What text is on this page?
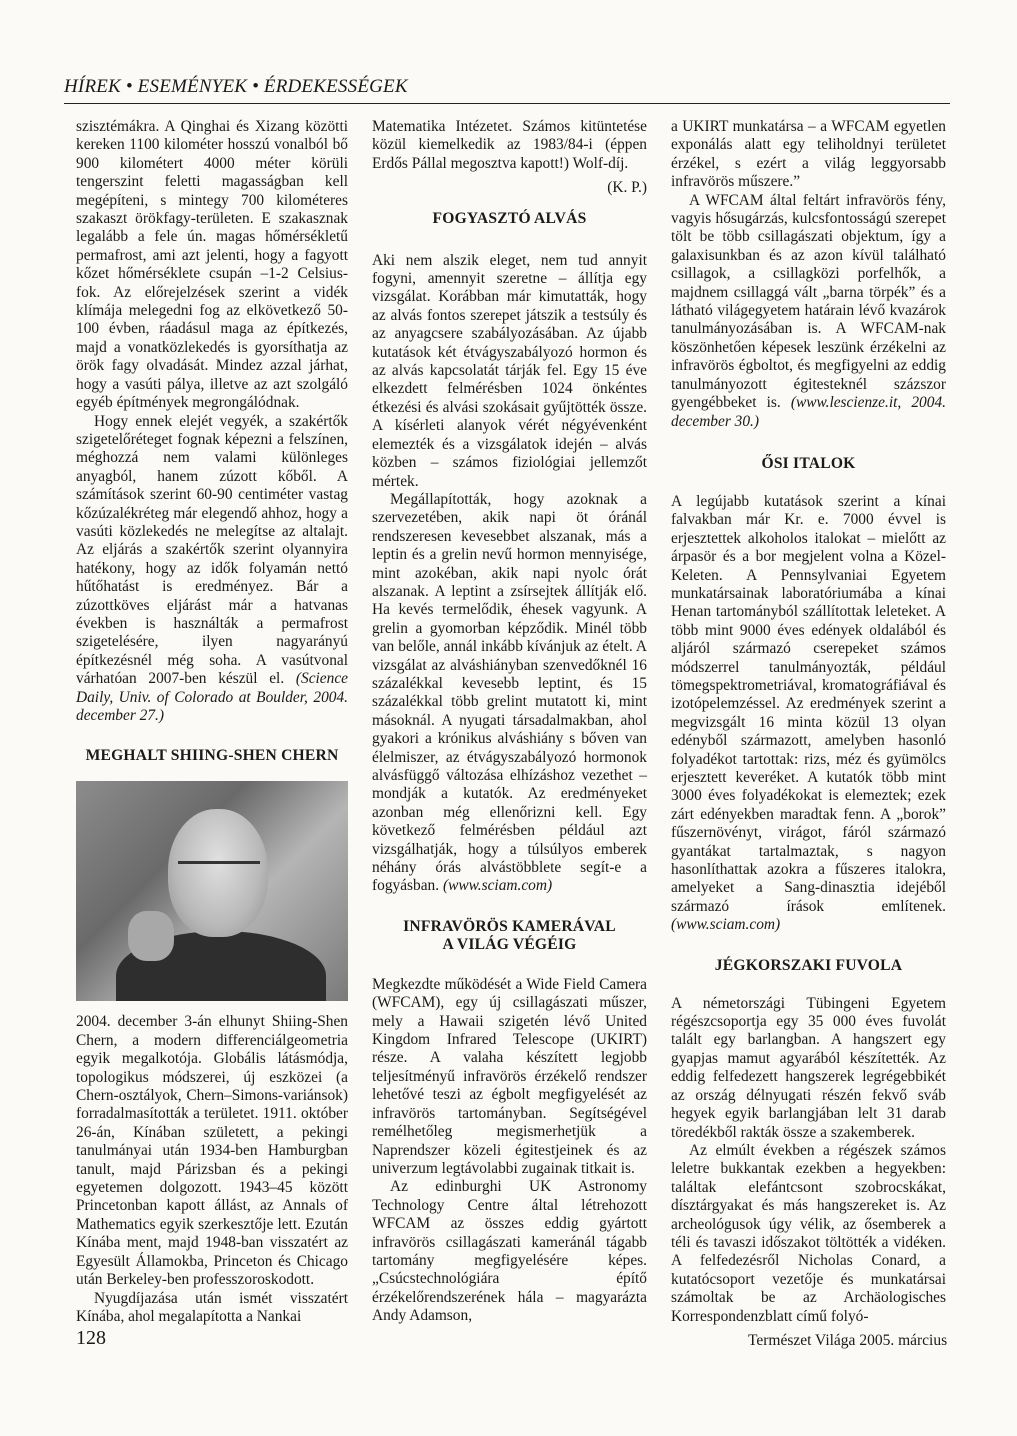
HÍREK • ESEMÉNYEK • ÉRDEKESSÉGEK

szisztémákra. A Qinghai és Xizang közötti kereken 1100 kilométer hosszú vonalból bő 900 kilométert 4000 méter körüli tengerszint feletti magasságban kell megépíteni, s mintegy 700 kilométeres szakaszt örökfagy-területen. E szakasznak legalább a fele ún. magas hőmérsékletű permafrost, ami azt jelenti, hogy a fagyott kőzet hőmérséklete csupán –1-2 Celsius-fok. Az előrejelzések szerint a vidék klímája melegedni fog az elkövetkező 50-100 évben, ráadásul maga az építkezés, majd a vonatközlekedés is gyorsíthatja az örök fagy olvadását. Mindez azzal járhat, hogy a vasúti pálya, illetve az azt szolgáló egyéb építmények megrongálódnak.

Hogy ennek elejét vegyék, a szakértők szigetelőréteget fognak képezni a felszínen, méghozzá nem valami különleges anyagból, hanem zúzott kőből. A számítások szerint 60-90 centiméter vastag kőzúzalékréteg már elegendő ahhoz, hogy a vasúti közlekedés ne melegítse az altalajt. Az eljárás a szakértők szerint olyannyira hatékony, hogy az idők folyamán nettó hűtőhatást is eredményez. Bár a zúzottköves eljárást már a hatvanas években is használták a permafrost szigetelésére, ilyen nagyarányú építkezésnél még soha. A vasútvonal várhatóan 2007-ben készül el. (Science Daily, Univ. of Colorado at Boulder, 2004. december 27.)

MEGHALT SHIING-SHEN CHERN

2004. december 3-án elhunyt Shiing-Shen Chern, a modern differenciálgeometria egyik megalkotója. Globális látásmódja, topologikus módszerei, új eszközei (a Chern-osztályok, Chern–Simons-variánsok) forradalmasították a területet. 1911. október 26-án, Kínában született, a pekingi tanulmányai után 1934-ben Hamburgban tanult, majd Párizsban és a pekingi egyetemen dolgozott. 1943–45 között Princetonban kapott állást, az Annals of Mathematics egyik szerkesztője lett. Ezután Kínába ment, majd 1948-ban visszatért az Egyesült Államokba, Princeton és Chicago után Berkeley-ben professzoroskodott.

Nyugdíjazása után ismét visszatért Kínába, ahol megalapította a Nankai

Matematika Intézetet. Számos kitüntetése közül kiemelkedik az 1983/84-i (éppen Erdős Pállal megosztva kapott!) Wolf-díj.

(K. P.)
FOGYASZTÓ ALVÁS

Aki nem alszik eleget, nem tud annyit fogyni, amennyit szeretne – állítja egy vizsgálat. Korábban már kimutatták, hogy az alvás fontos szerepet játszik a testsúly és az anyagcsere szabályozásában. Az újabb kutatások két étvágyszabályozó hormon és az alvás kapcsolatát tárják fel. Egy 15 éve elkezdett felmérésben 1024 önkéntes étkezési és alvási szokásait gyűjtötték össze. A kísérleti alanyok vérét négyévenként elemezték és a vizsgálatok idején – alvás közben – számos fiziológiai jellemzőt mértek.

Megállapították, hogy azoknak a szervezetében, akik napi öt óránál rendszeresen kevesebbet alszanak, más a leptin és a grelin nevű hormon mennyisége, mint azokéban, akik napi nyolc órát alszanak. A leptint a zsírsejtek állítják elő. Ha kevés termelődik, éhesek vagyunk. A grelin a gyomorban képződik. Minél több van belőle, annál inkább kívánjuk az ételt. A vizsgálat az alváshiányban szenvedőknél 16 százalékkal kevesebb leptint, és 15 százalékkal több grelint mutatott ki, mint másoknál. A nyugati társadalmakban, ahol gyakori a krónikus alváshiány s bőven van élelmiszer, az étvágyszabályozó hormonok alvásfüggő változása elhízáshoz vezethet – mondják a kutatók. Az eredményeket azonban még ellenőrizni kell. Egy következő felmérésben például azt vizsgálhatják, hogy a túlsúlyos emberek néhány órás alvástöbblete segít-e a fogyásban. (www.sciam.com)

INFRAVÖRÖS KAMERÁVAL
A VILÁG VÉGÉIG

Megkezdte működését a Wide Field Camera (WFCAM), egy új csillagászati műszer, mely a Hawaii szigetén lévő United Kingdom Infrared Telescope (UKIRT) része. A valaha készített legjobb teljesítményű infravörös érzékelő rendszer lehetővé teszi az égbolt megfigyelését az infravörös tartományban. Segítségével remélhetőleg megismerhetjük a Naprendszer közeli égitestjeinek és az univerzum legtávolabbi zugainak titkait is.

Az edinburghi UK Astronomy Technology Centre által létrehozott WFCAM az összes eddig gyártott infravörös csillagászati kameránál tágabb tartomány megfigyelésére képes. „Csúcstechnológiára építő érzékelőrendszerének hála – magyarázta Andy Adamson,

a UKIRT munkatársa – a WFCAM egyetlen exponálás alatt egy teliholdnyi területet érzékel, s ezért a világ leggyorsabb infravörös műszere.”

A WFCAM által feltárt infravörös fény, vagyis hősugárzás, kulcsfontosságú szerepet tölt be több csillagászati objektum, így a galaxisunkban és az azon kívül található csillagok, a csillagközi porfelhők, a majdnem csillaggá vált „barna törpék” és a látható világegyetem határain lévő kvazárok tanulmányozásában is. A WFCAM-nak köszönhetően képesek leszünk érzékelni az infravörös égboltot, és megfigyelni az eddig tanulmányozott égitesteknél százszor gyengébbeket is. (www.lescienze.it, 2004. december 30.)

ŐSI ITALOK

A legújabb kutatások szerint a kínai falvakban már Kr. e. 7000 évvel is erjesztettek alkoholos italokat – mielőtt az árpasör és a bor megjelent volna a Közel-Keleten. A Pennsylvaniai Egyetem munkatársainak laboratóriumába a kínai Henan tartományból szállítottak leleteket. A több mint 9000 éves edények oldalából és aljáról származó cserepeket számos módszerrel tanulmányozták, például tömegspektrometriával, kromatográfiával és izotópelemzéssel. Az eredmények szerint a megvizsgált 16 minta közül 13 olyan edényből származott, amelyben hasonló folyadékot tartottak: rizs, méz és gyümölcs erjesztett keveréket. A kutatók több mint 3000 éves folyadékokat is elemeztek; ezek zárt edényekben maradtak fenn. A „borok” fűszernövényt, virágot, fáról származó gyantákat tartalmaztak, s nagyon hasonlíthattak azokra a fűszeres italokra, amelyeket a Sang-dinasztia idejéből származó írások említenek. (www.sciam.com)

JÉGKORSZAKI FUVOLA

A németországi Tübingeni Egyetem régészcsoportja egy 35 000 éves fuvolát talált egy barlangban. A hangszert egy gyapjas mamut agyarából készítették. Az eddig felfedezett hangszerek legrégebbikét az ország délnyugati részén fekvő sváb hegyek egyik barlangjában lelt 31 darab töredékből rakták össze a szakemberek.

Az elmúlt években a régészek számos leletre bukkantak ezekben a hegyekben: találtak elefántcsont szobrocskákat, dísztárgyakat és más hangszereket is. Az archeológusok úgy vélik, az ősemberek a téli és tavaszi időszakot töltötték a vidéken. A felfedezésről Nicholas Conard, a kutatócsoport vezetője és munkatársai számoltak be az Archäologisches Korrespondenzblatt című folyó-

128	Természet Világa 2005. március
